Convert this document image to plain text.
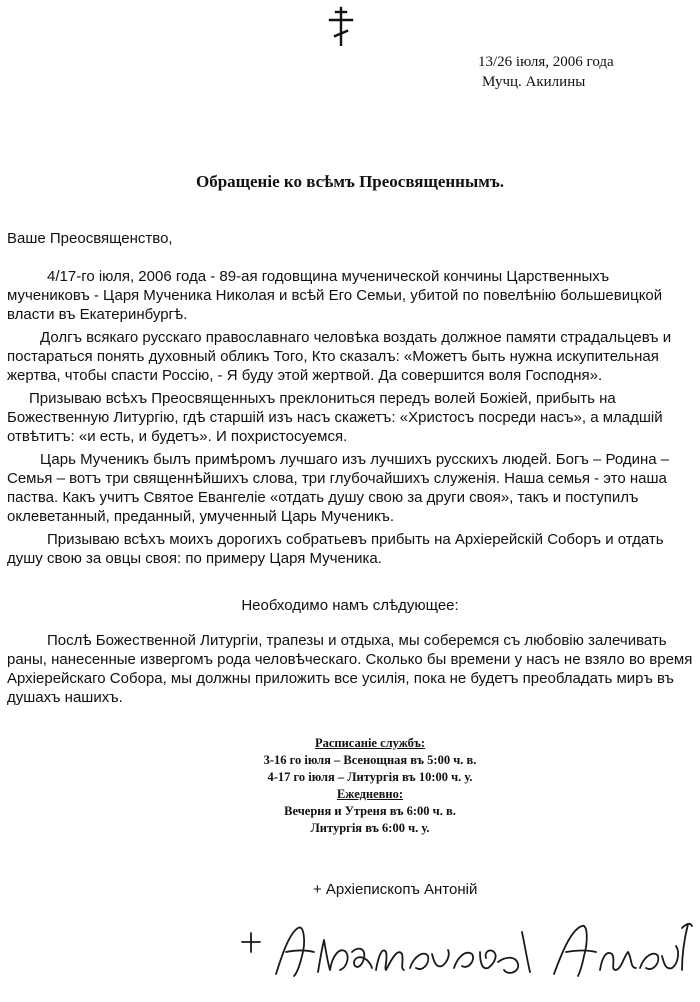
13/26 іюля, 2006 года
Мучц. Акилины
Обращеніе ко всѣмъ Преосвященнымъ.
Ваше Преосвященство,

4/17-го іюля, 2006 года - 89-ая годовщина мученической кончины Царственныхъ мучениковъ - Царя Мученика Николая и всѣй Его Семьи, убитой по повелѣнію большевицкой власти въ Екатеринбургѣ.

Долгъ всякаго русскаго православнаго человѣка воздать должное памяти страдальцевъ и постараться понять духовный обликъ Того, Кто сказалъ: «Можетъ быть нужна искупительная жертва, чтобы спасти Россію, - Я буду этой жертвой. Да совершится воля Господня».

Призываю всѣхъ Преосвященныхъ преклониться передъ волей Божіей, прибыть на Божественную Литургію, гдѣ старшій изъ насъ скажетъ: «Христосъ посреди насъ», а младшій отвѣтитъ: «и есть, и будетъ». И похристосуемся.

Царь Мученикъ былъ примѣромъ лучшаго изъ лучшихъ русскихъ людей. Богъ – Родина – Семья – вотъ три священнѣйшихъ слова, три глубочайшихъ служенія. Наша семья - это наша паства. Какъ учитъ Святое Евангеліе «отдать душу свою за други своя», такъ и поступилъ оклеветанный, преданный, умученный Царь Мученикъ.

Призываю всѣхъ моихъ дорогихъ собратьевъ прибыть на Архіерейскій Соборъ и отдать душу свою за овцы своя: по примеру Царя Мученика.

Необходимо намъ слѣдующее:
Послѣ Божественной Литургіи, трапезы и отдыха, мы соберемся съ любовію залечивать раны, нанесенные извергомъ рода человѣческаго. Сколько бы времени у насъ не взяло во время Архіерейскаго Собора, мы должны приложить все усилія, пока не будетъ преобладать миръ въ душахъ нашихъ.
Расписаніе службъ:
3-16 го іюля – Всенощная въ 5:00 ч. в.
4-17 го іюля – Литургія въ 10:00 ч. у.
Ежедневно:
Вечерня и Утреня въ 6:00 ч. в.
Литургія въ 6:00 ч. у.
+ Архіепископъ Антоній
